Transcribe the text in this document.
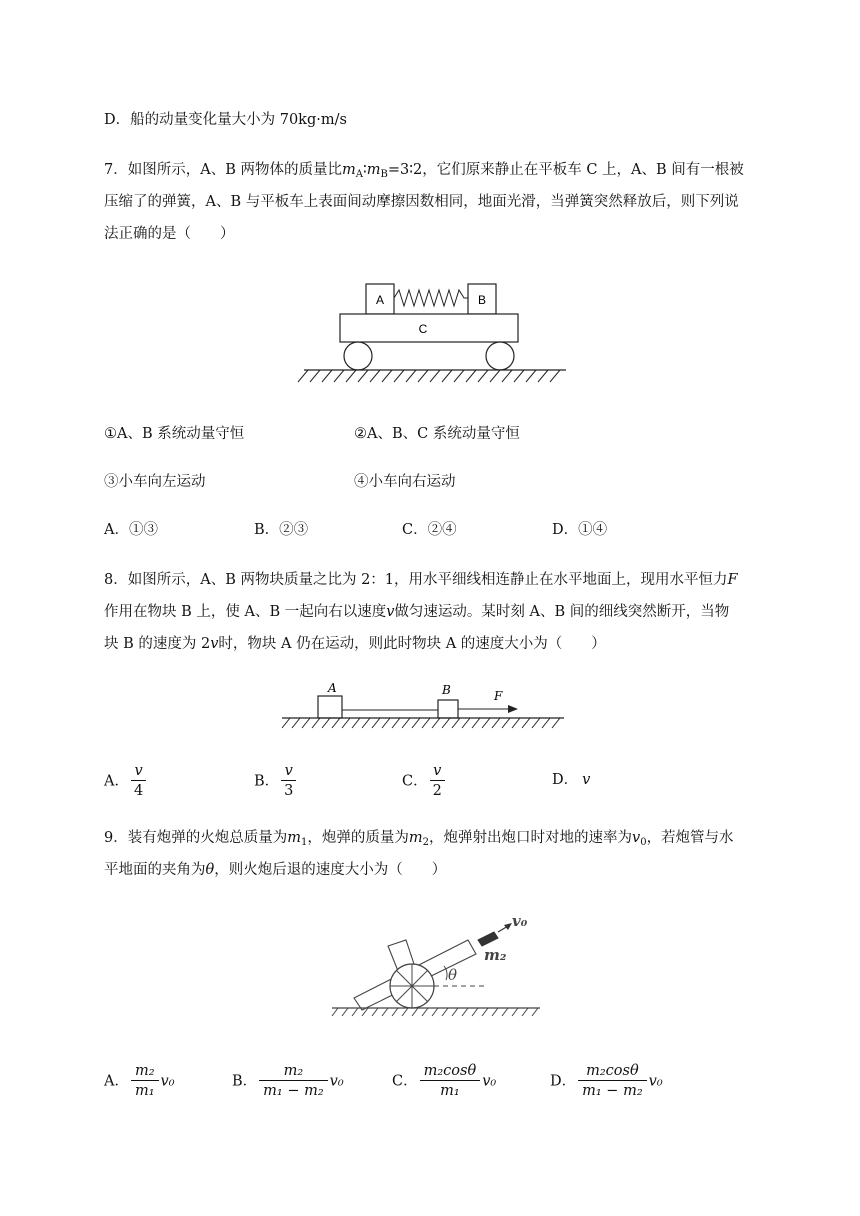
D．船的动量变化量大小为 70kg·m/s
7．如图所示，A、B 两物体的质量比$m_A∶m_B=3∶2$，它们原来静止在平板车 C 上，A、B 间有一根被
压缩了的弹簧，A、B 与平板车上表面间动摩擦因数相同，地面光滑，当弹簧突然释放后，则下列说
法正确的是（　　）
A	B
C
①A、B 系统动量守恒	②A、B、C 系统动量守恒
③小车向左运动	④小车向右运动
A．①③	B．②③	C．②④	D．①④
8．如图所示，A、B 两物块质量之比为 2：1，用水平细线相连静止在水平地面上，现用水平恒力F
作用在物块 B 上，使 A、B 一起向右以速度v做匀速运动。某时刻 A、B 间的细线突然断开，当物
块 B 的速度为 2v时，物块 A 仍在运动，则此时物块 A 的速度大小为（　　）
A	B	F
A． $\frac{v}{4}$	B． $\frac{v}{3}$	C． $\frac{v}{2}$	D． v
9．装有炮弹的火炮总质量为$m_1$，炮弹的质量为$m_2$，炮弹射出炮口时对地的速率为$v_0$，若炮管与水
平地面的夹角为θ，则火炮后退的速度大小为（　　）
v₀
m₂
θ
A． $\frac{\text{m₂}}{\text{m₁}} v_0$	B． $\frac{\text{m₂}}{\text{m₁ − m₂}} v_0$	C． $\frac{\text{m₂cosθ}}{\text{m₁}} v_0$	D． $\frac{\text{m₂cosθ}}{\text{m₁ − m₂}} v_0$
